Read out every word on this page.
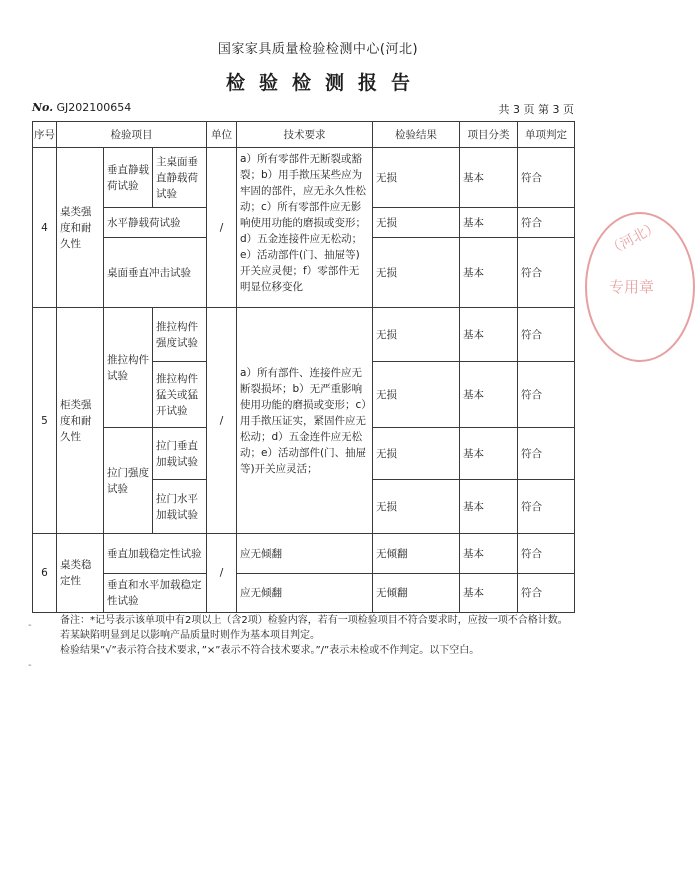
国家家具质量检验检测中心(河北)
检验检测报告
No. GJ202100654	共 3 页 第 3 页
序号	检验项目			单位	技术要求	检验结果	项目分类	单项判定
4	桌类强度和耐久性	垂直静载荷试验	主桌面垂直静载荷试验	/	a）所有零部件无断裂或豁裂；b）用手揿压某些应为牢固的部件，应无永久性松动；c）所有零部件应无影响使用功能的磨损或变形；d）五金连接件应无松动；e）活动部件(门、抽屉等)开关应灵便；f）零部件无明显位移变化	无损	基本	符合
		水平静载荷试验				无损	基本	符合
		桌面垂直冲击试验				无损	基本	符合
5	柜类强度和耐久性	推拉构件试验	推拉构件强度试验	/	a）所有部件、连接件应无断裂损坏；b）无严重影响使用功能的磨损或变形；c）用手揿压证实，紧固件应无松动；d）五金连件应无松动；e）活动部件(门、抽屉等)开关应灵活；	无损	基本	符合
			推拉构件猛关或猛开试验			无损	基本	符合
		拉门强度试验	拉门垂直加载试验			无损	基本	符合
			拉门水平加载试验			无损	基本	符合
6	桌类稳定性	垂直加载稳定性试验		/	应无倾翻	无倾翻	基本	符合
		垂直和水平加载稳定性试验			应无倾翻	无倾翻	基本	符合

备注：*记号表示该单项中有2项以上（含2项）检验内容，若有一项检验项目不符合要求时，应按一项不合格计数。若某缺陷明显到足以影响产品质量时则作为基本项目判定。

检验结果”√”表示符合技术要求，”×”表示不符合技术要求。”/”表示未检或不作判定。以下空白。

-
-
（河北）
专用章
